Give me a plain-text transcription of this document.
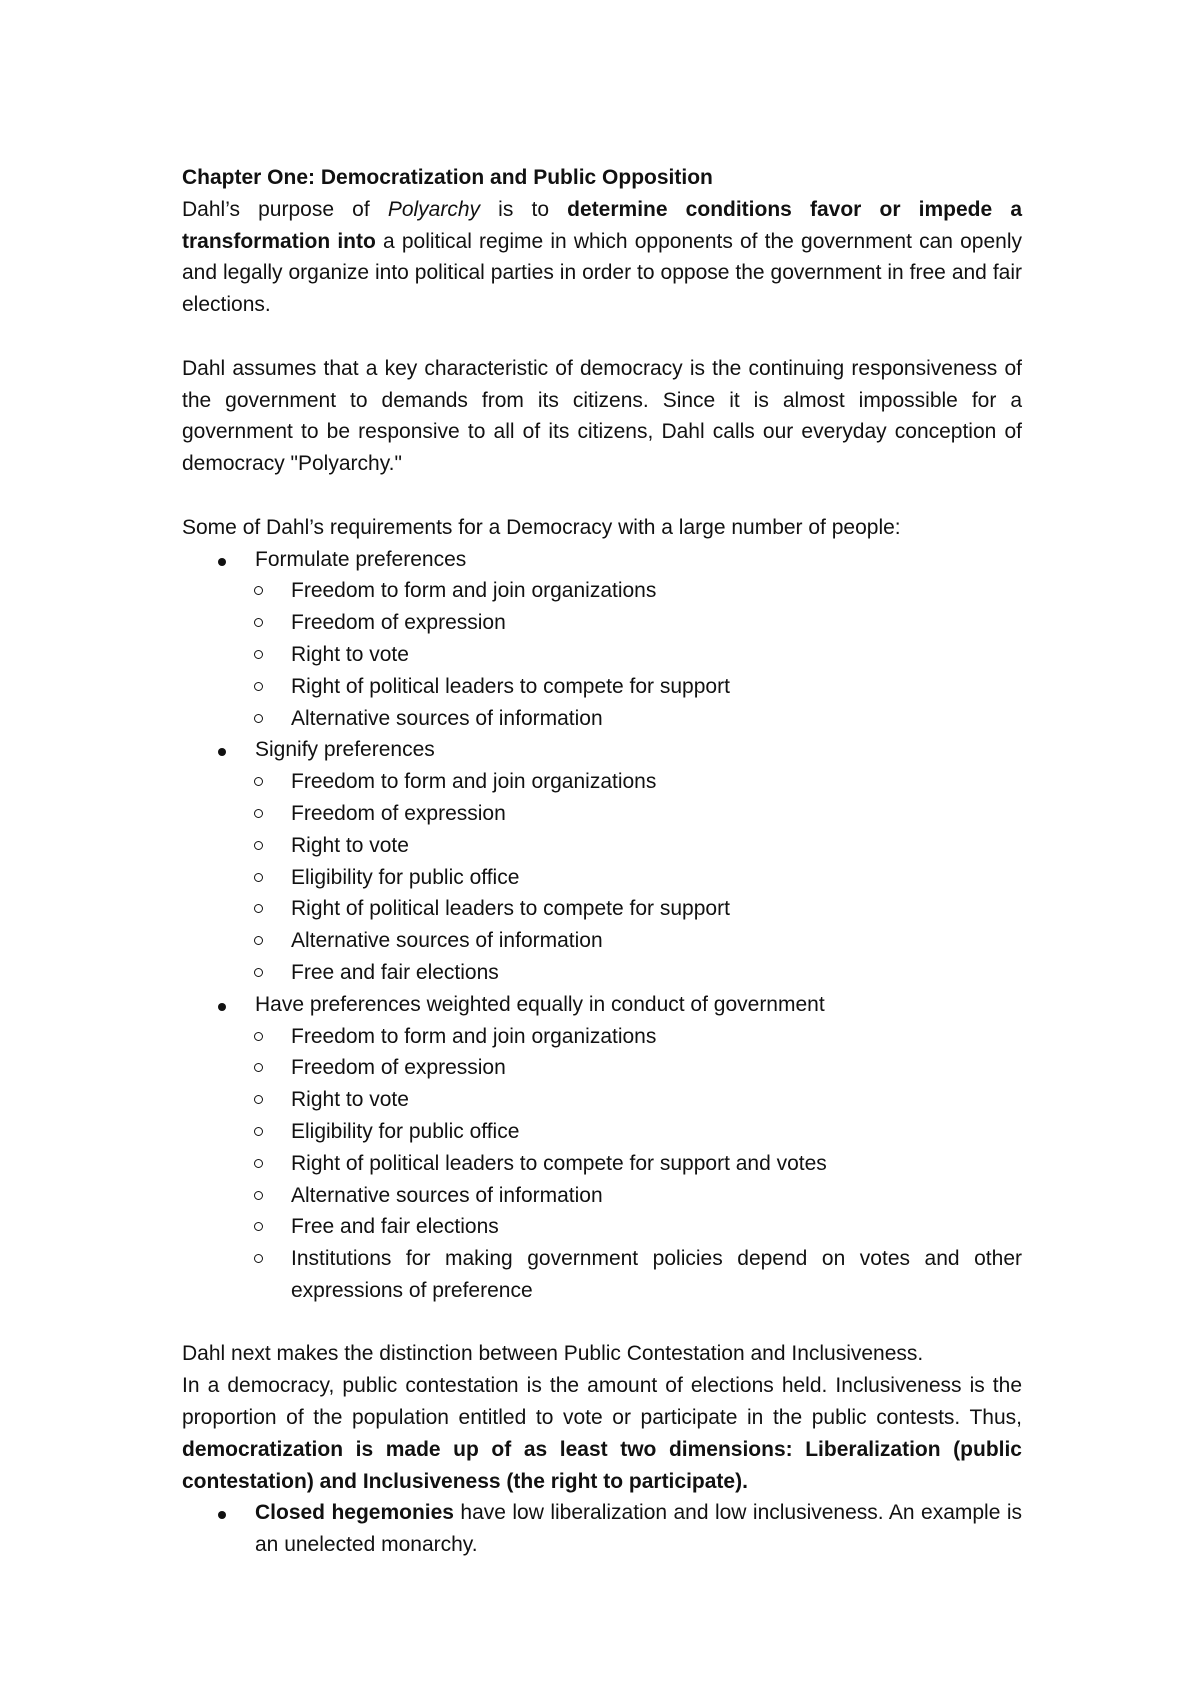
Chapter One: Democratization and Public Opposition

Dahl’s purpose of Polyarchy is to determine conditions favor or impede a transformation into a political regime in which opponents of the government can openly and legally organize into political parties in order to oppose the government in free and fair elections.

Dahl assumes that a key characteristic of democracy is the continuing responsiveness of the government to demands from its citizens. Since it is almost impossible for a government to be responsive to all of its citizens, Dahl calls our everyday conception of democracy "Polyarchy."

Some of Dahl’s requirements for a Democracy with a large number of people:

Formulate preferences
Freedom to form and join organizations
Freedom of expression
Right to vote
Right of political leaders to compete for support
Alternative sources of information
Signify preferences
Freedom to form and join organizations
Freedom of expression
Right to vote
Eligibility for public office
Right of political leaders to compete for support
Alternative sources of information
Free and fair elections
Have preferences weighted equally in conduct of government
Freedom to form and join organizations
Freedom of expression
Right to vote
Eligibility for public office
Right of political leaders to compete for support and votes
Alternative sources of information
Free and fair elections
Institutions for making government policies depend on votes and other expressions of preference

Dahl next makes the distinction between Public Contestation and Inclusiveness.

In a democracy, public contestation is the amount of elections held. Inclusiveness is the proportion of the population entitled to vote or participate in the public contests. Thus, democratization is made up of as least two dimensions: Liberalization (public contestation) and Inclusiveness (the right to participate).

Closed hegemonies have low liberalization and low inclusiveness. An example is an unelected monarchy.
